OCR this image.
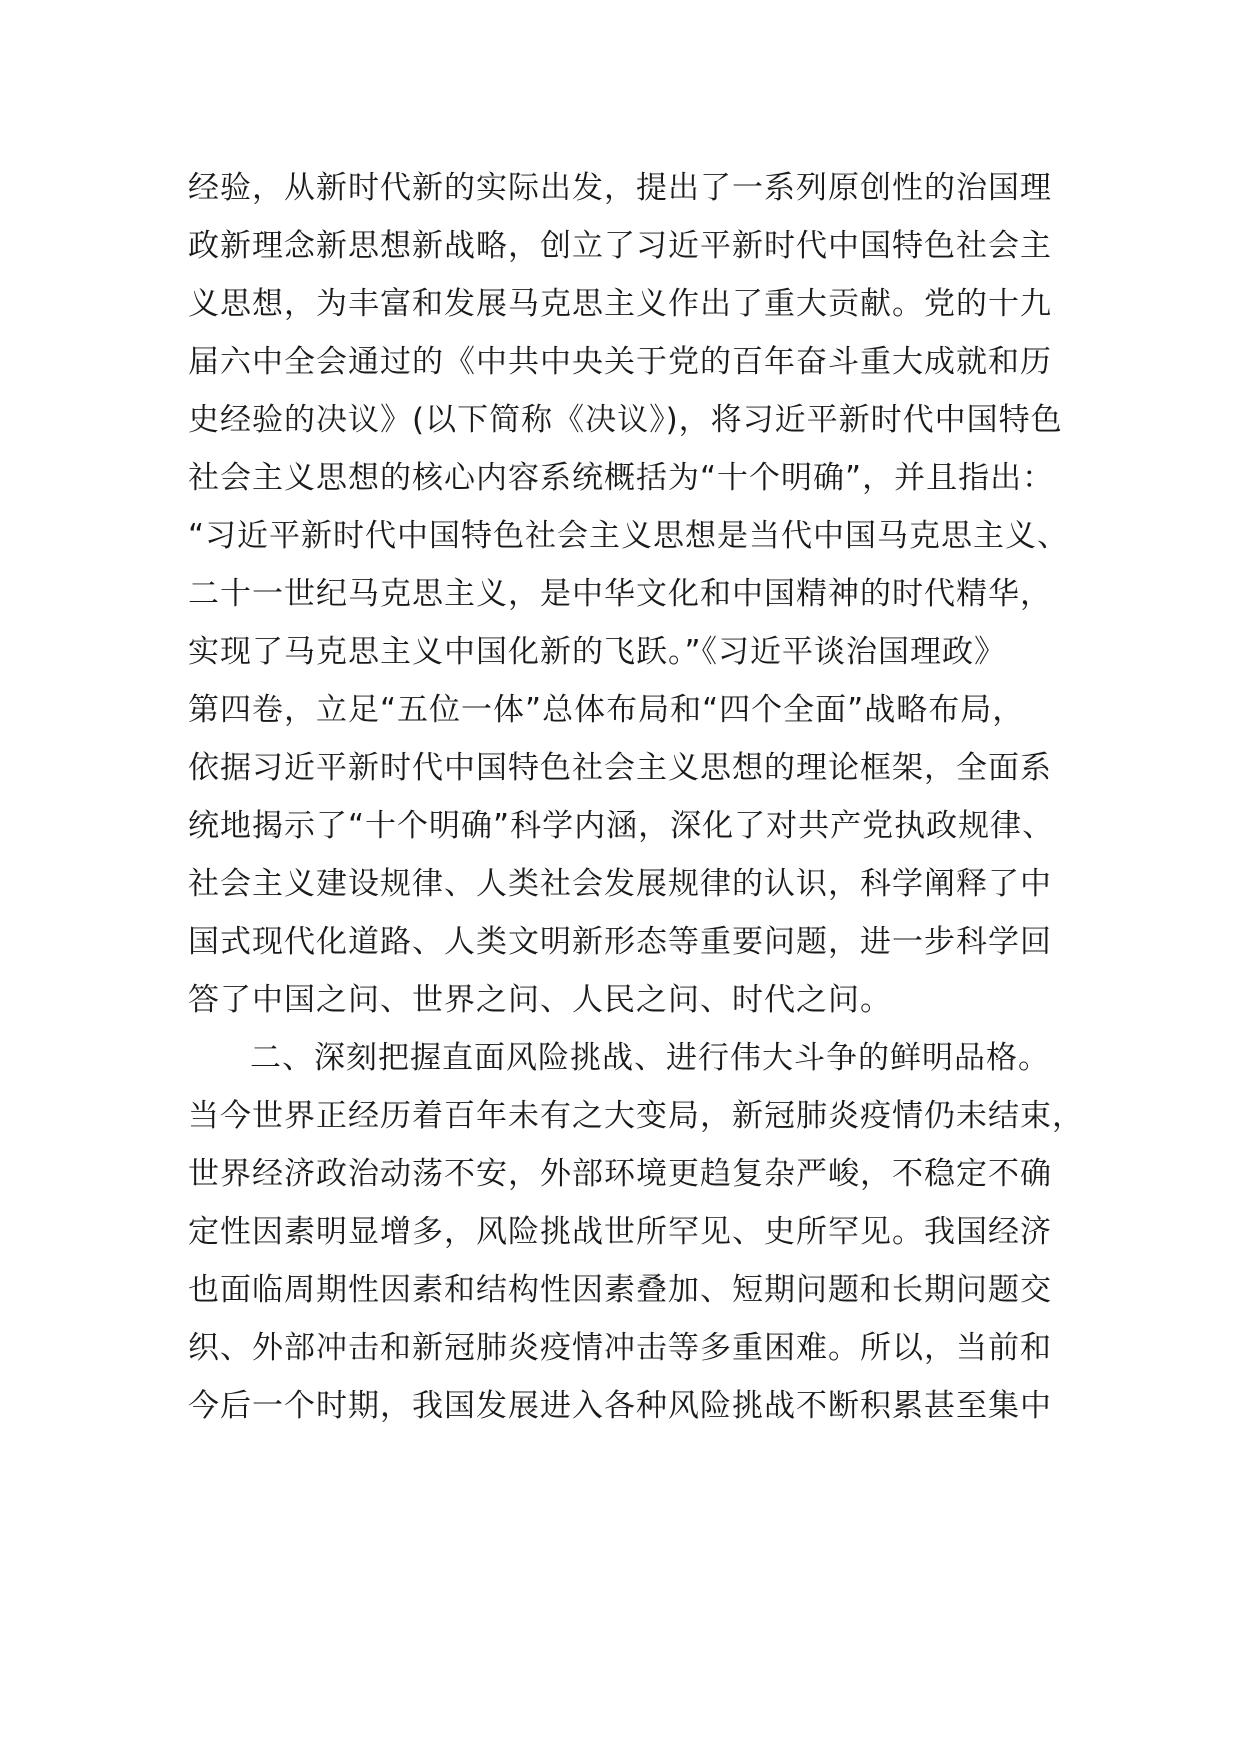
经验，从新时代新的实际出发，提出了一系列原创性的治国理
政新理念新思想新战略，创立了习近平新时代中国特色社会主
义思想，为丰富和发展马克思主义作出了重大贡献。党的十九
届六中全会通过的《中共中央关于党的百年奋斗重大成就和历
史经验的决议》(以下简称《决议》)，将习近平新时代中国特色
社会主义思想的核心内容系统概括为“十个明确”，并且指出：
“习近平新时代中国特色社会主义思想是当代中国马克思主义、
二十一世纪马克思主义，是中华文化和中国精神的时代精华，
实现了马克思主义中国化新的飞跃。”《习近平谈治国理政》
第四卷，立足“五位一体”总体布局和“四个全面”战略布局，
依据习近平新时代中国特色社会主义思想的理论框架，全面系
统地揭示了“十个明确”科学内涵，深化了对共产党执政规律、
社会主义建设规律、人类社会发展规律的认识，科学阐释了中
国式现代化道路、人类文明新形态等重要问题，进一步科学回
答了中国之问、世界之问、人民之问、时代之问。
二、深刻把握直面风险挑战、进行伟大斗争的鲜明品格。
当今世界正经历着百年未有之大变局，新冠肺炎疫情仍未结束，
世界经济政治动荡不安，外部环境更趋复杂严峻，不稳定不确
定性因素明显增多，风险挑战世所罕见、史所罕见。我国经济
也面临周期性因素和结构性因素叠加、短期问题和长期问题交
织、外部冲击和新冠肺炎疫情冲击等多重困难。所以，当前和
今后一个时期，我国发展进入各种风险挑战不断积累甚至集中
